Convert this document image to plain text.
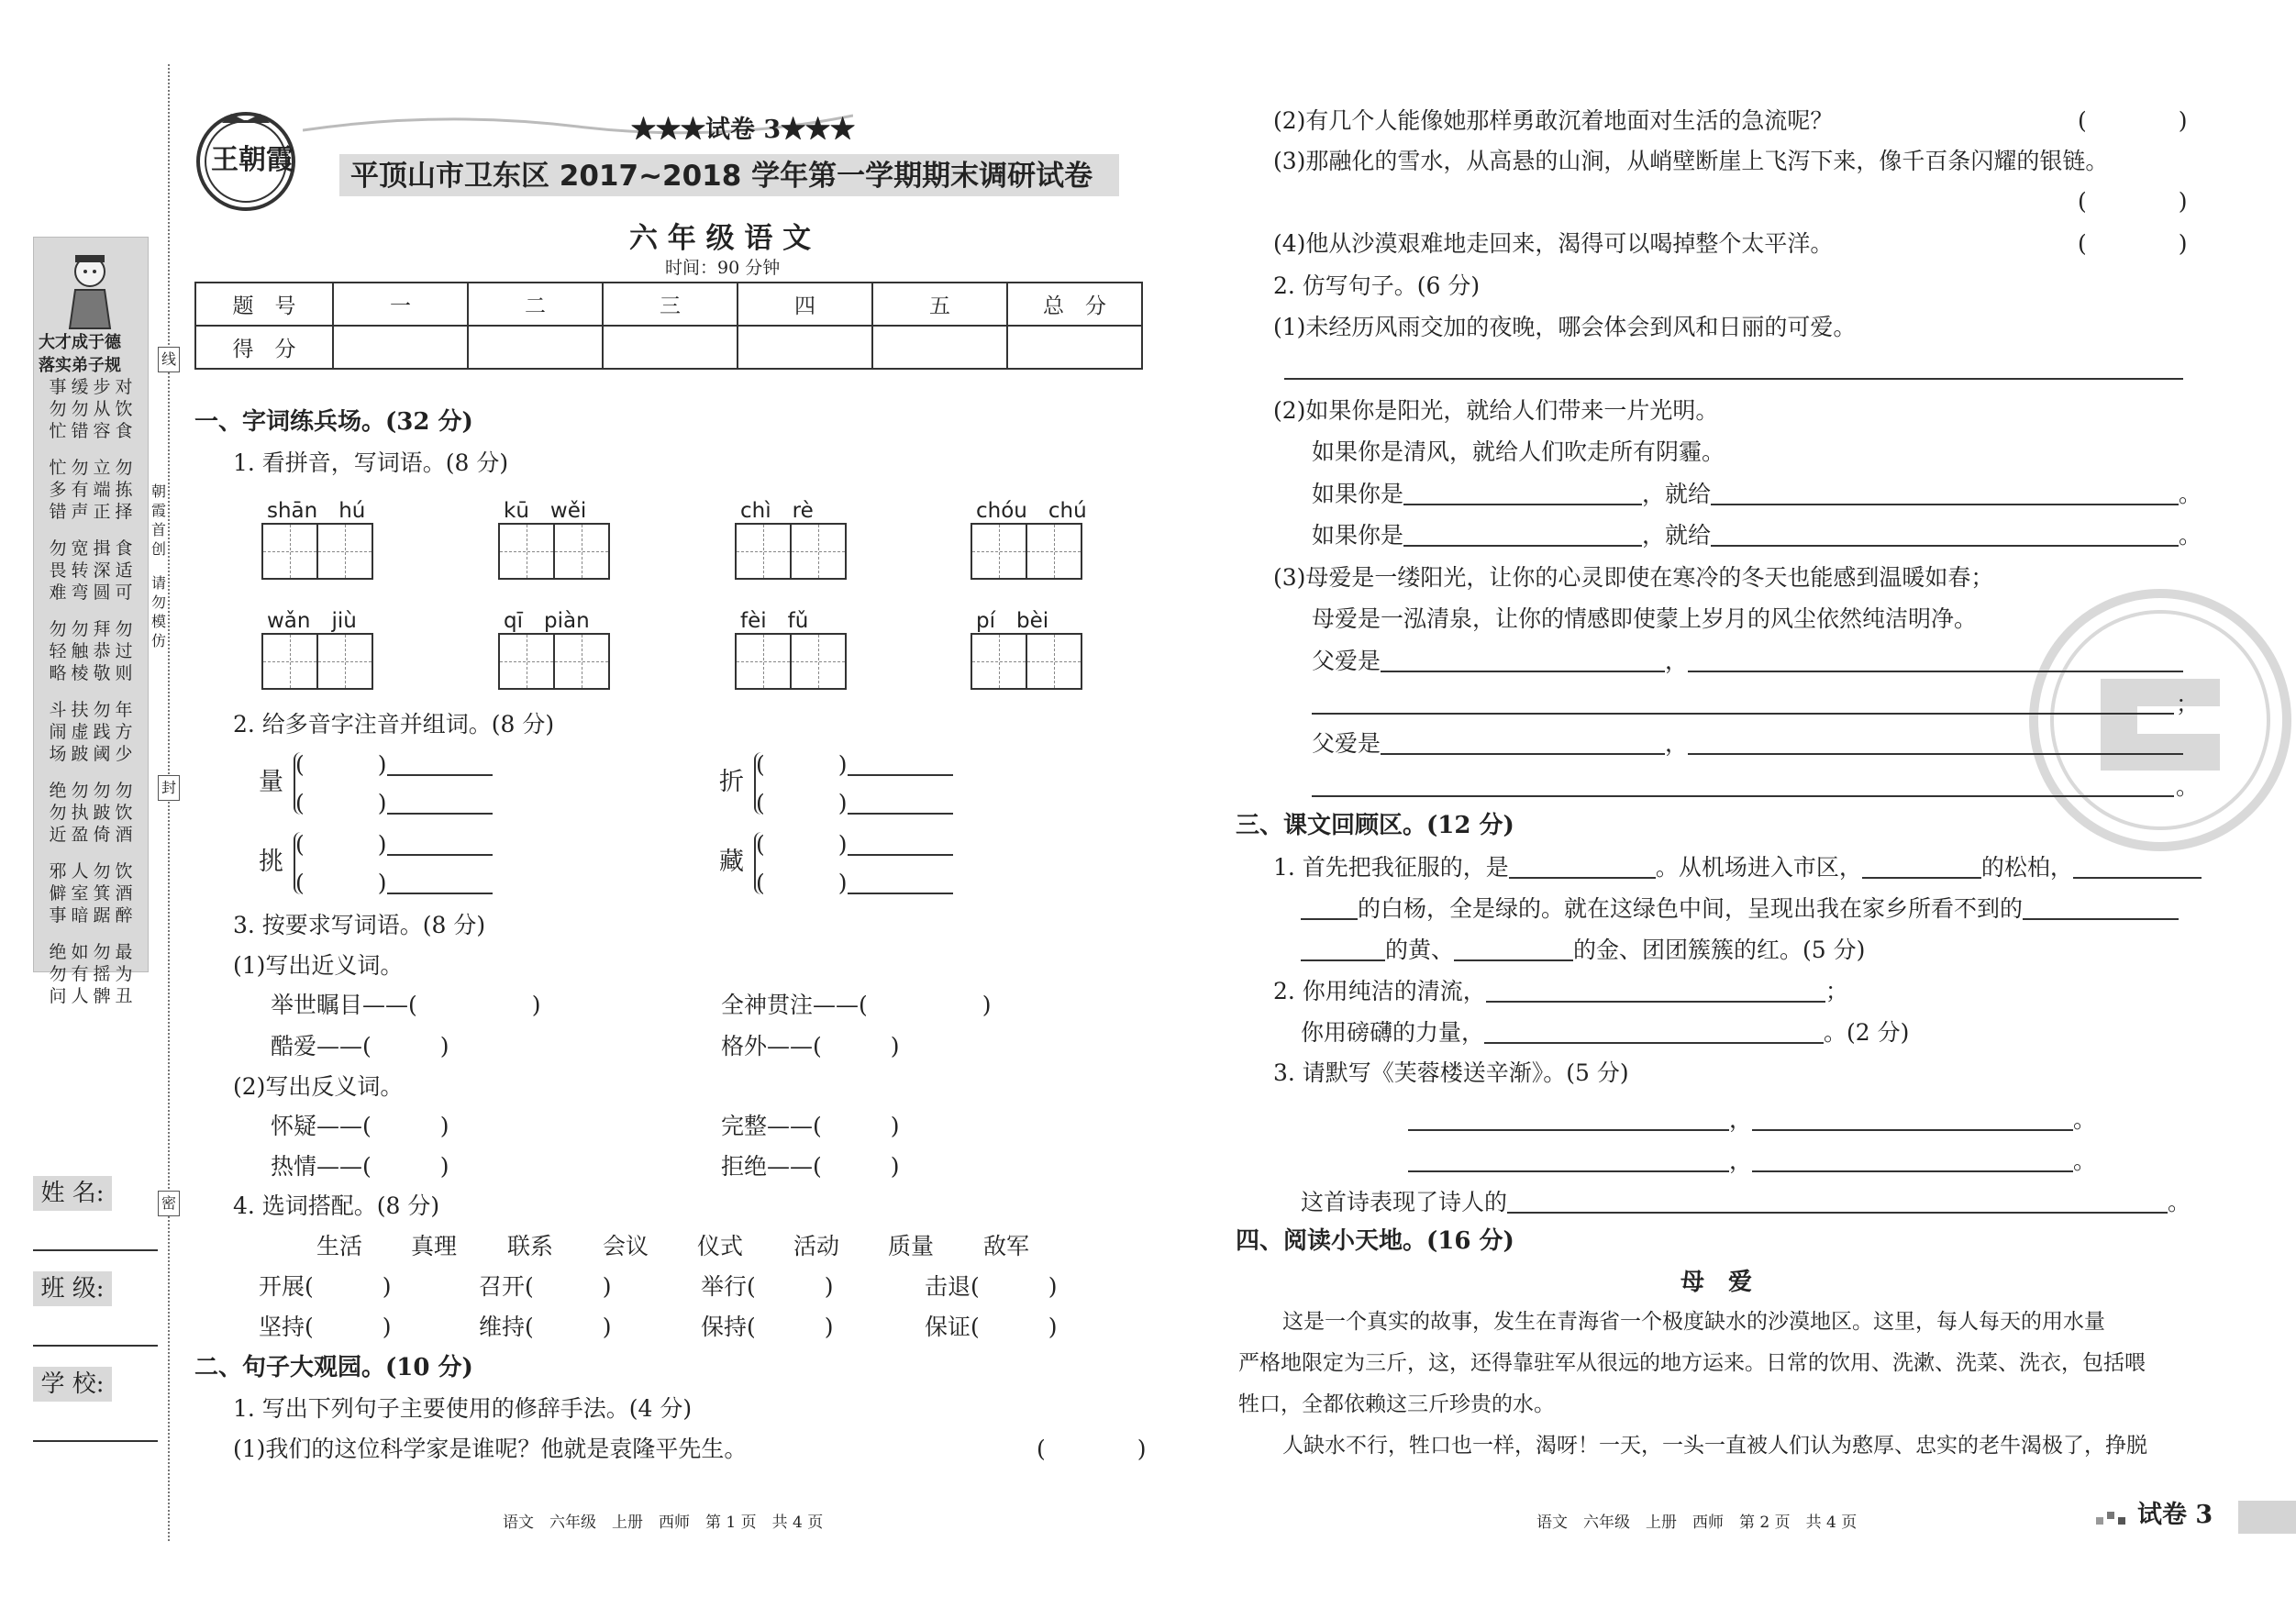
大才成于德
落实弟子规
事勿忙
缓勿错
步从容
对饮食
忙多错
勿有声
立端正
勿拣择
勿畏难
宽转弯
揖深圆
食适可
勿轻略
勿触棱
拜恭敬
勿过则
斗闹场
扶虚跛
勿践阈
年方少
绝勿近
勿执盈
勿跛倚
勿饮酒
邪僻事
人室暗
勿箕踞
饮酒醉
绝勿问
如有人
勿摇髀
最为丑
朝霞首创
请勿模仿
线
封
密
姓 名:
班 级:
学 校:
王朝霞
★★★试卷 3★★★
平顶山市卫东区 2017~2018 学年第一学期期末调研试卷
六 年 级 语 文
时间：90 分钟
题　号	一	二	三	四	五	总　分
得　分						
一、字词练兵场。(32 分)
1. 看拼音，写词语。(8 分)
shān　hú	kū　wěi	chì　rè	chóu　chú
wǎn　jiù	qī　piàn	fèi　fǔ	pí　bèi
2. 给多音字注音并组词。(8 分)
量
(	)
(	)
折
(	)
(	)
挑
(	)
(	)
藏
(	)
(	)
3. 按要求写词语。(8 分)
(1)写出近义词。
举世瞩目——(　　　　　)	全神贯注——(　　　　　)
酷爱——(　　　)	格外——(　　　)
(2)写出反义词。
怀疑——(　　　)	完整——(　　　)
热情——(　　　)	拒绝——(　　　)
4. 选词搭配。(8 分)
生活 真理 联系 会议 仪式 活动 质量 敌军
开展(　　　)	召开(　　　)	举行(　　　)	击退(　　　)
坚持(　　　)	维持(　　　)	保持(　　　)	保证(　　　)
二、句子大观园。(10 分)
1. 写出下列句子主要使用的修辞手法。(4 分)
(1)我们的这位科学家是谁呢？他就是袁隆平先生。	(　　　　)
语文　六年级　上册　西师　第 1 页　共 4 页
(2)有几个人能像她那样勇敢沉着地面对生活的急流呢？	(　　　　)
(3)那融化的雪水，从高悬的山涧，从峭壁断崖上飞泻下来，像千百条闪耀的银链。
(　　　　)
(4)他从沙漠艰难地走回来，渴得可以喝掉整个太平洋。	(　　　　)
2. 仿写句子。(6 分)
(1)未经历风雨交加的夜晚，哪会体会到风和日丽的可爱。
(2)如果你是阳光，就给人们带来一片光明。
如果你是清风，就给人们吹走所有阴霾。
如果你是	，就给	。
如果你是	，就给	。
(3)母爱是一缕阳光，让你的心灵即使在寒冷的冬天也能感到温暖如春；
母爱是一泓清泉，让你的情感即使蒙上岁月的风尘依然纯洁明净。
父爱是	，
；
父爱是	，
。
三、课文回顾区。(12 分)
1. 首先把我征服的，是	。从机场进入市区，	的松柏，
的白杨，全是绿的。就在这绿色中间，呈现出我在家乡所看不到的
的黄、	的金、团团簇簇的红。(5 分)
2. 你用纯洁的清流，	；
你用磅礴的力量，	。(2 分)
3. 请默写《芙蓉楼送辛渐》。(5 分)
，	。
，	。
这首诗表现了诗人的	。
四、阅读小天地。(16 分)
母　爱
这是一个真实的故事，发生在青海省一个极度缺水的沙漠地区。这里，每人每天的用水量
严格地限定为三斤，这，还得靠驻军从很远的地方运来。日常的饮用、洗漱、洗菜、洗衣，包括喂
牲口，全都依赖这三斤珍贵的水。
人缺水不行，牲口也一样，渴呀！一天，一头一直被人们认为憨厚、忠实的老牛渴极了，挣脱
语文　六年级　上册　西师　第 2 页　共 4 页	试卷 3
